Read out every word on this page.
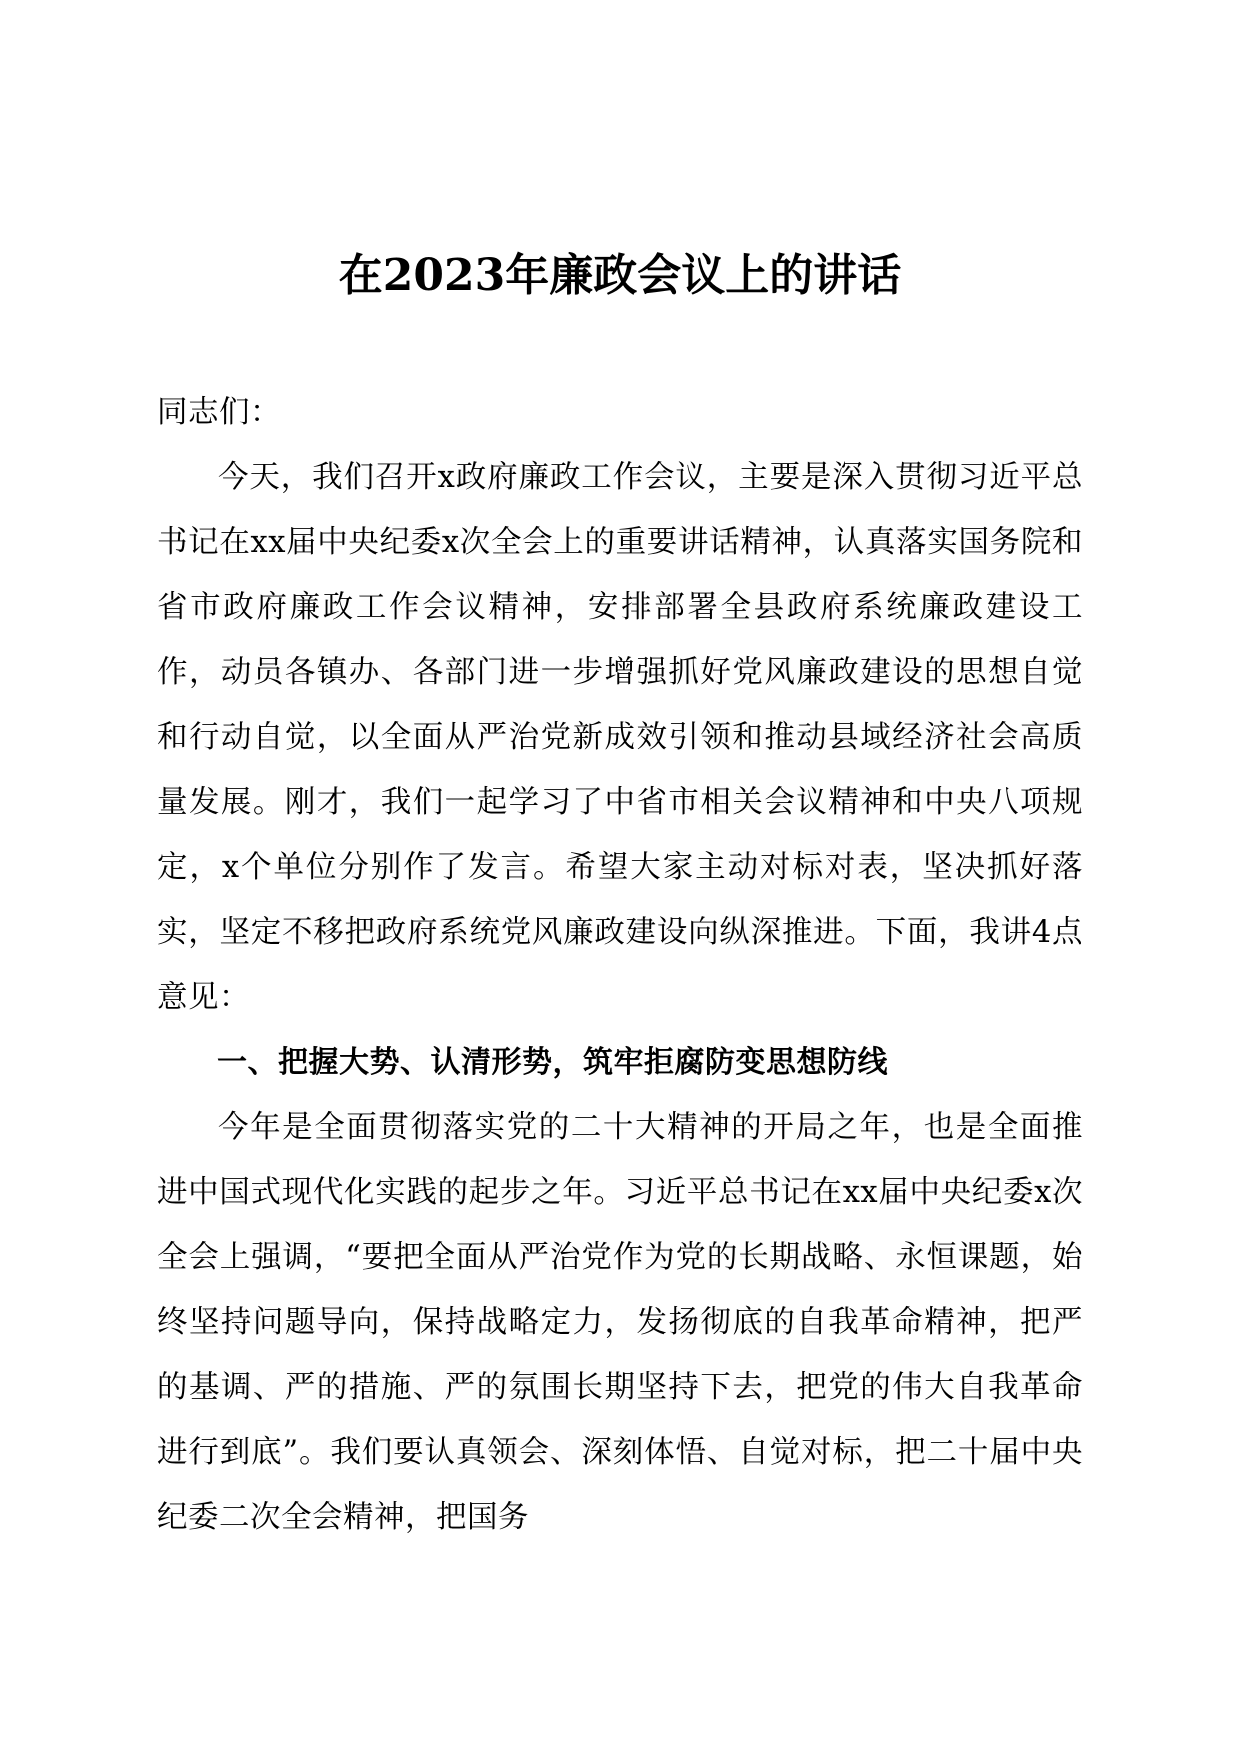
在2023年廉政会议上的讲话

同志们：

今天，我们召开x政府廉政工作会议，主要是深入贯彻习近平总书记在xx届中央纪委x次全会上的重要讲话精神，认真落实国务院和省市政府廉政工作会议精神，安排部署全县政府系统廉政建设工作，动员各镇办、各部门进一步增强抓好党风廉政建设的思想自觉和行动自觉，以全面从严治党新成效引领和推动县域经济社会高质量发展。刚才，我们一起学习了中省市相关会议精神和中央八项规定，x个单位分别作了发言。希望大家主动对标对表，坚决抓好落实，坚定不移把政府系统党风廉政建设向纵深推进。下面，我讲4点意见：

一、把握大势、认清形势，筑牢拒腐防变思想防线

今年是全面贯彻落实党的二十大精神的开局之年，也是全面推进中国式现代化实践的起步之年。习近平总书记在xx届中央纪委x次全会上强调，“要把全面从严治党作为党的长期战略、永恒课题，始终坚持问题导向，保持战略定力，发扬彻底的自我革命精神，把严的基调、严的措施、严的氛围长期坚持下去，把党的伟大自我革命进行到底”。我们要认真领会、深刻体悟、自觉对标，把二十届中央纪委二次全会精神，把国务
